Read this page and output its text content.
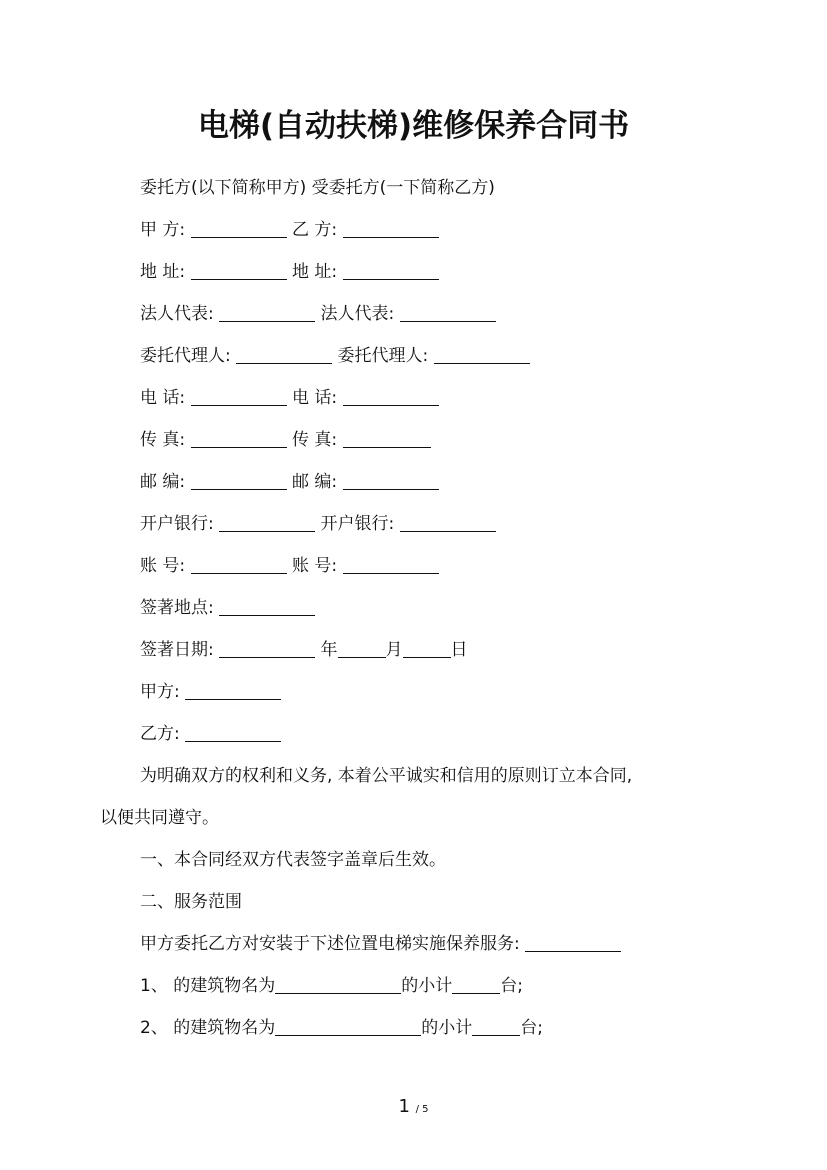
电梯(自动扶梯)维修保养合同书
委托方(以下简称甲方) 受委托方(一下简称乙方)
甲 方:	乙 方:
地 址:	地 址:
法人代表:	法人代表:
委托代理人:	委托代理人:
电 话:	电 话:
传 真:	传 真:
邮 编:	邮 编:
开户银行:	开户银行:
账 号:	账 号:
签著地点:
签著日期:	年	月	日
甲方:
乙方:
为明确双方的权利和义务, 本着公平诚实和信用的原则订立本合同,
以便共同遵守。
一、本合同经双方代表签字盖章后生效。
二、服务范围
甲方委托乙方对安装于下述位置电梯实施保养服务:
1、 的建筑物名为	的小计	台;
2、 的建筑物名为	的小计	台;
1 / 5
